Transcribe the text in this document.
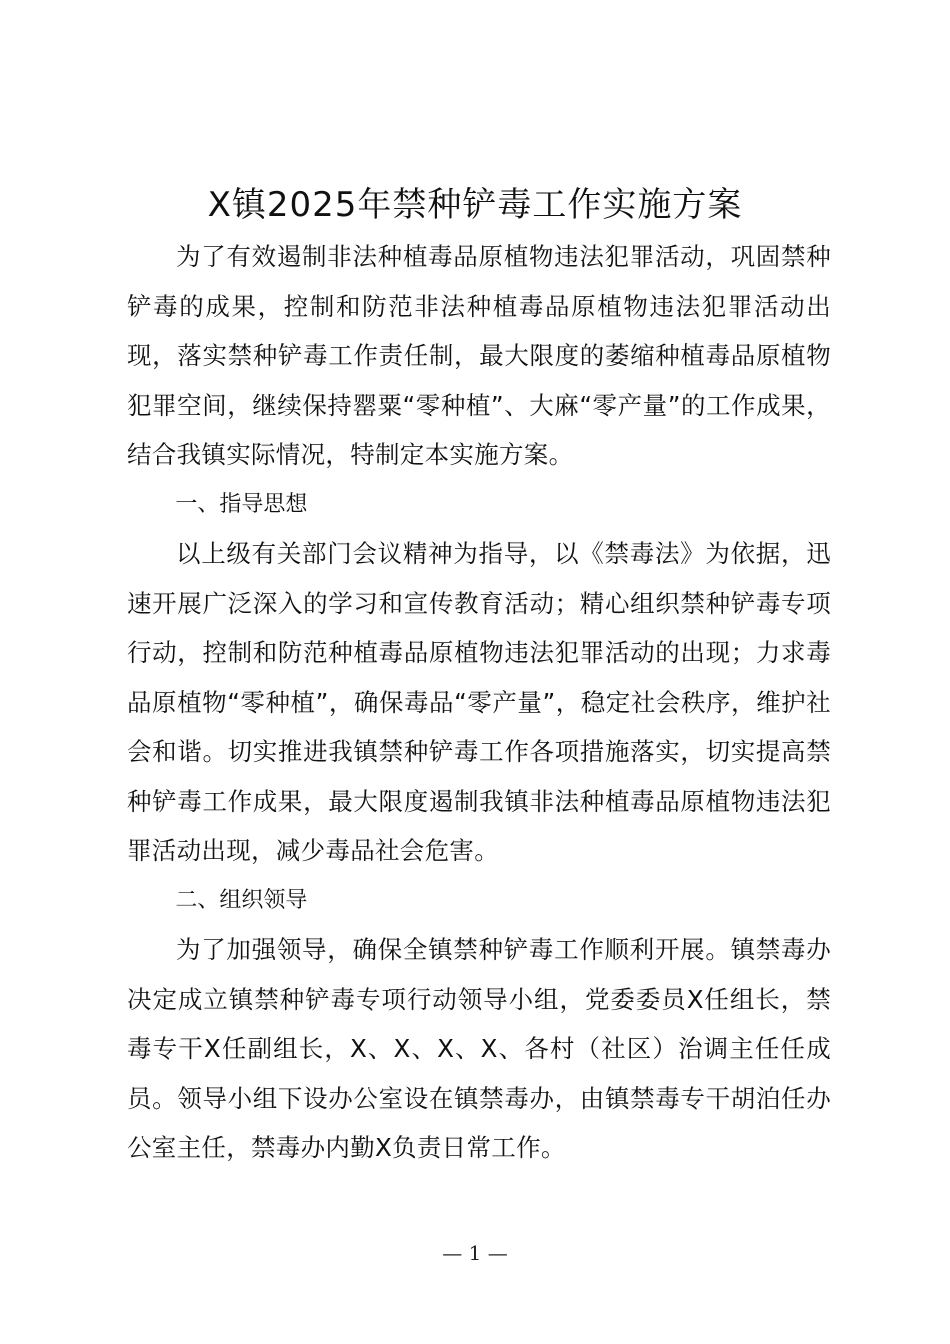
X镇2025年禁种铲毒工作实施方案

为了有效遏制非法种植毒品原植物违法犯罪活动，巩固禁种铲毒的成果，控制和防范非法种植毒品原植物违法犯罪活动出现，落实禁种铲毒工作责任制，最大限度的萎缩种植毒品原植物犯罪空间，继续保持罂粟“零种植”、大麻“零产量”的工作成果，结合我镇实际情况，特制定本实施方案。

一、指导思想

以上级有关部门会议精神为指导，以《禁毒法》为依据，迅速开展广泛深入的学习和宣传教育活动；精心组织禁种铲毒专项行动，控制和防范种植毒品原植物违法犯罪活动的出现；力求毒品原植物“零种植”，确保毒品“零产量”，稳定社会秩序，维护社会和谐。切实推进我镇禁种铲毒工作各项措施落实，切实提高禁种铲毒工作成果，最大限度遏制我镇非法种植毒品原植物违法犯罪活动出现，减少毒品社会危害。

二、组织领导

为了加强领导，确保全镇禁种铲毒工作顺利开展。镇禁毒办决定成立镇禁种铲毒专项行动领导小组，党委委员X任组长，禁毒专干X任副组长，X、X、X、X、各村（社区）治调主任任成员。领导小组下设办公室设在镇禁毒办，由镇禁毒专干胡泊任办公室主任，禁毒办内勤X负责日常工作。

— 1 —
